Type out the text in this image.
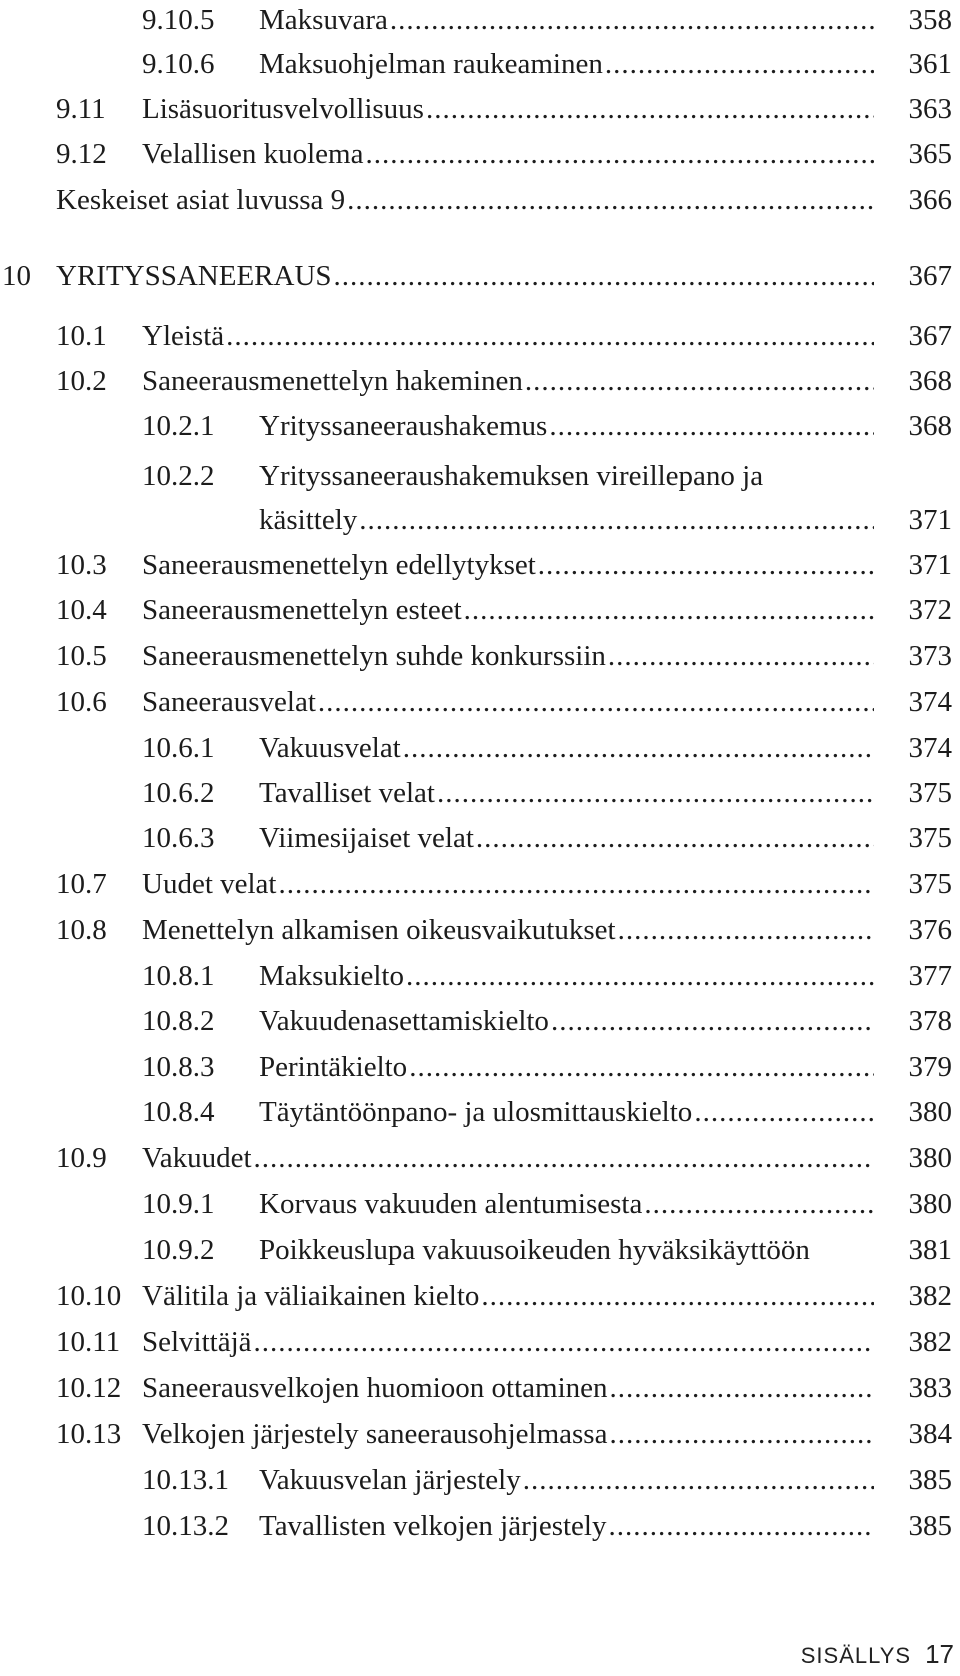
9.10.5 Maksuvara .....	358
9.10.6 Maksuohjelman raukeaminen .....	361
9.11 Lisäsuoritusvelvollisuus .....	363
9.12 Velallisen kuolema .....	365
Keskeiset asiat luvussa 9 .....	366
10 YRITYSSANEERAUS .....	367
10.1 Yleistä .....	367
10.2 Saneerausmenettelyn hakeminen .....	368
10.2.1 Yrityssaneeraushakemus .....	368
10.2.2 Yrityssaneeraushakemuksen vireillepano ja
käsittely .....	371
10.3 Saneerausmenettelyn edellytykset .....	371
10.4 Saneerausmenettelyn esteet .....	372
10.5 Saneerausmenettelyn suhde konkurssiin .....	373
10.6 Saneerausvelat .....	374
10.6.1 Vakuusvelat .....	374
10.6.2 Tavalliset velat .....	375
10.6.3 Viimesijaiset velat .....	375
10.7 Uudet velat .....	375
10.8 Menettelyn alkamisen oikeusvaikutukset .....	376
10.8.1 Maksukielto .....	377
10.8.2 Vakuudenasettamiskielto .....	378
10.8.3 Perintäkielto .....	379
10.8.4 Täytäntöönpano- ja ulosmittauskielto .....	380
10.9 Vakuudet .....	380
10.9.1 Korvaus vakuuden alentumisesta .....	380
10.9.2 Poikkeuslupa vakuusoikeuden hyväksikäyttöön	381
10.10 Välitila ja väliaikainen kielto .....	382
10.11 Selvittäjä .....	382
10.12 Saneerausvelkojen huomioon ottaminen .....	383
10.13 Velkojen järjestely saneerausohjelmassa .....	384
10.13.1 Vakuusvelan järjestely .....	385
10.13.2 Tavallisten velkojen järjestely .....	385
SISÄLLYS 17
